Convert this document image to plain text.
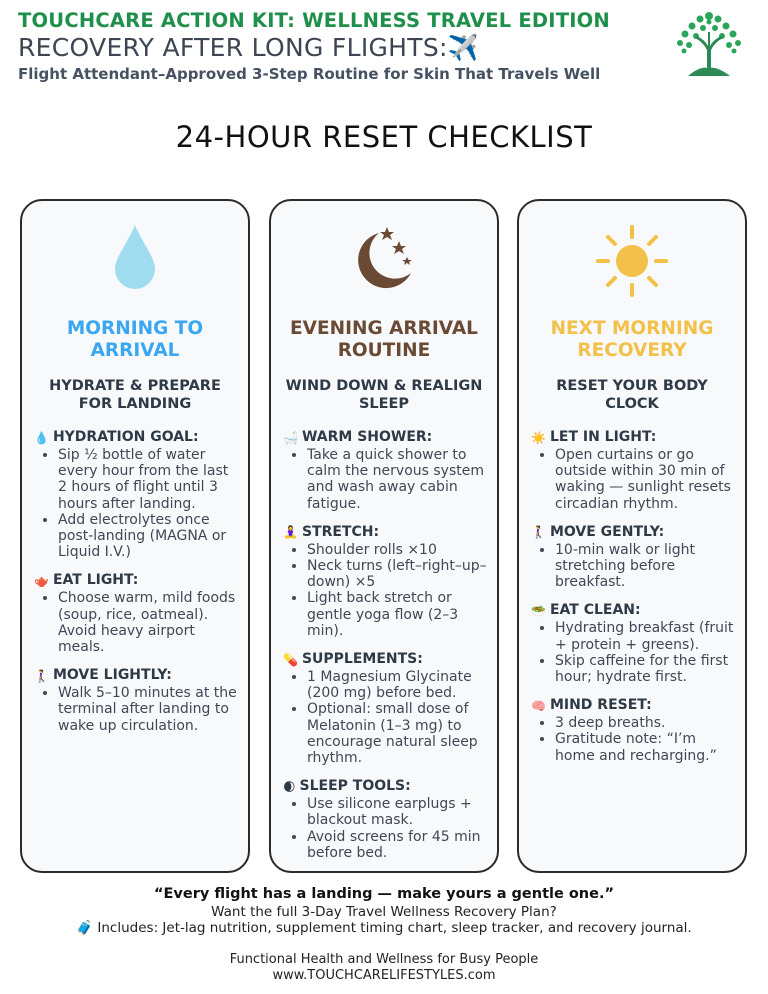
TOUCHCARE ACTION KIT: WELLNESS TRAVEL EDITION
RECOVERY AFTER LONG FLIGHTS:✈️
Flight Attendant–Approved 3-Step Routine for Skin That Travels Well
24-HOUR RESET CHECKLIST
MORNING TO ARRIVAL
HYDRATE & PREPARE FOR LANDING
💧 HYDRATION GOAL:
• Sip ½ bottle of water every hour from the last 2 hours of flight until 3 hours after landing.
• Add electrolytes once post-landing (MAGNA or Liquid I.V.)
🫖 EAT LIGHT:
• Choose warm, mild foods (soup, rice, oatmeal). Avoid heavy airport meals.
🚶‍♀️ MOVE LIGHTLY:
• Walk 5–10 minutes at the terminal after landing to wake up circulation.
EVENING ARRIVAL ROUTINE
WIND DOWN & REALIGN SLEEP
🛁 WARM SHOWER:
• Take a quick shower to calm the nervous system and wash away cabin fatigue.
🧘‍♀️ STRETCH:
• Shoulder rolls ×10
• Neck turns (left–right–up–down) ×5
• Light back stretch or gentle yoga flow (2–3 min).
💊 SUPPLEMENTS:
• 1 Magnesium Glycinate (200 mg) before bed.
• Optional: small dose of Melatonin (1–3 mg) to encourage natural sleep rhythm.
🌒 SLEEP TOOLS:
• Use silicone earplugs + blackout mask.
• Avoid screens for 45 min before bed.
NEXT MORNING RECOVERY
RESET YOUR BODY CLOCK
☀️ LET IN LIGHT:
• Open curtains or go outside within 30 min of waking — sunlight resets circadian rhythm.
🚶‍♀️ MOVE GENTLY:
• 10-min walk or light stretching before breakfast.
🥗 EAT CLEAN:
• Hydrating breakfast (fruit + protein + greens).
• Skip caffeine for the first hour; hydrate first.
🧠 MIND RESET:
• 3 deep breaths.
• Gratitude note: “I’m home and recharging.”
“Every flight has a landing — make yours a gentle one.”
Want the full 3-Day Travel Wellness Recovery Plan?
🧳 Includes: Jet-lag nutrition, supplement timing chart, sleep tracker, and recovery journal.
Functional Health and Wellness for Busy People
www.TOUCHCARELIFESTYLES.com
